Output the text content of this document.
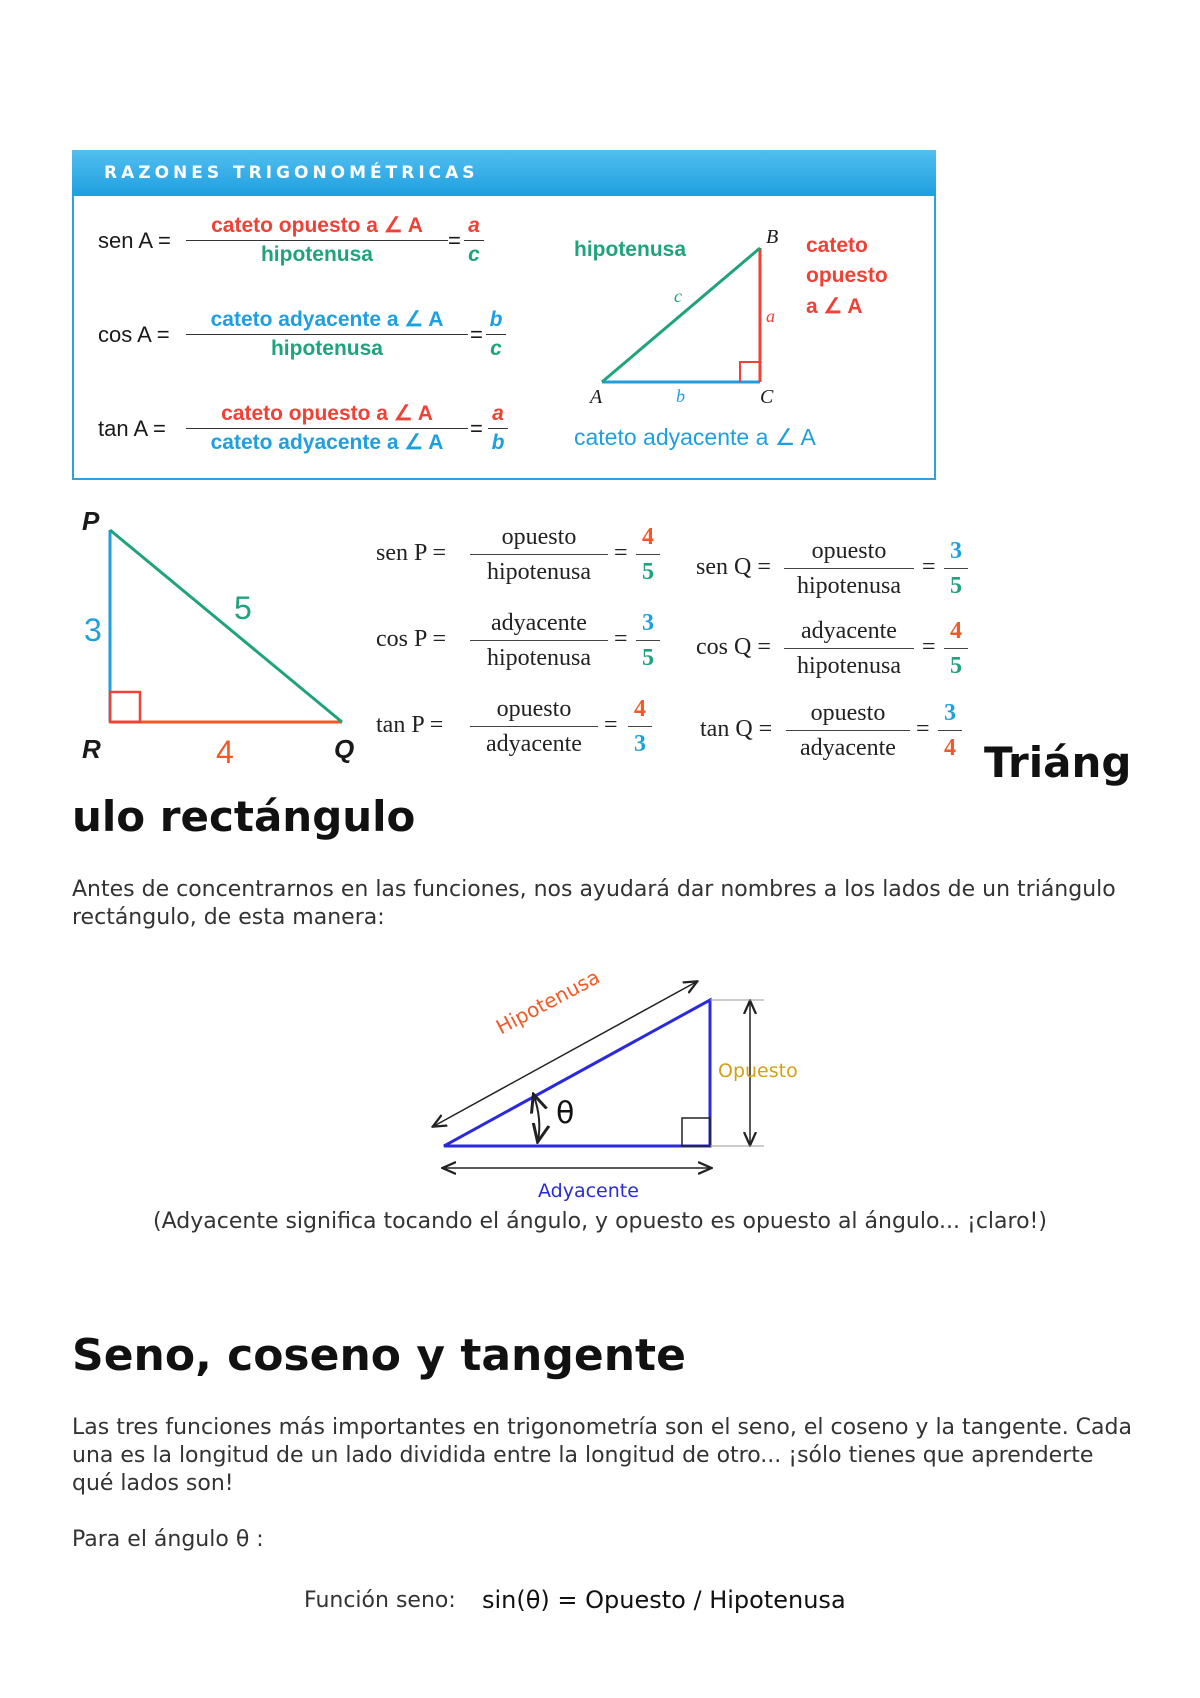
RAZONES TRIGONOMÉTRICAS
sen A =
cateto opuesto a ∠ A
hipotenusa
= $\frac{a}{c}$
cos A =
cateto adyacente a ∠ A
hipotenusa
= $\frac{b}{c}$
tan A =
cateto opuesto a ∠ A
cateto adyacente a ∠ A
= $\frac{a}{b}$
hipotenusa	cateto
opuesto
a ∠ A
cateto adyacente a ∠ A
A
B
C
a
b
c
P
R	Q
3
4
5
sen P =
opuesto
hipotenusa
=
4
5
cos P =
adyacente
hipotenusa
=
3
5
tan P =
opuesto
adyacente
=
4
3
sen Q =
opuesto
hipotenusa
=
3
5
cos Q =
adyacente
hipotenusa
=
4
5
tan Q =
opuesto
adyacente
=
3
4 Triáng
ulo rectángulo
Antes de concentrarnos en las funciones, nos ayudará dar nombres a los lados de un triángulo rectángulo, de esta manera:
Hipotenusa
Opuesto
Adyacente
θ
(Adyacente significa tocando el ángulo, y opuesto es opuesto al ángulo... ¡claro!)
Seno, coseno y tangente
Las tres funciones más importantes en trigonometría son el seno, el coseno y la tangente. Cada una es la longitud de un lado dividida entre la longitud de otro... ¡sólo tienes que aprenderte qué lados son!
Para el ángulo θ :
Función seno: sin(θ) = Opuesto / Hipotenusa
